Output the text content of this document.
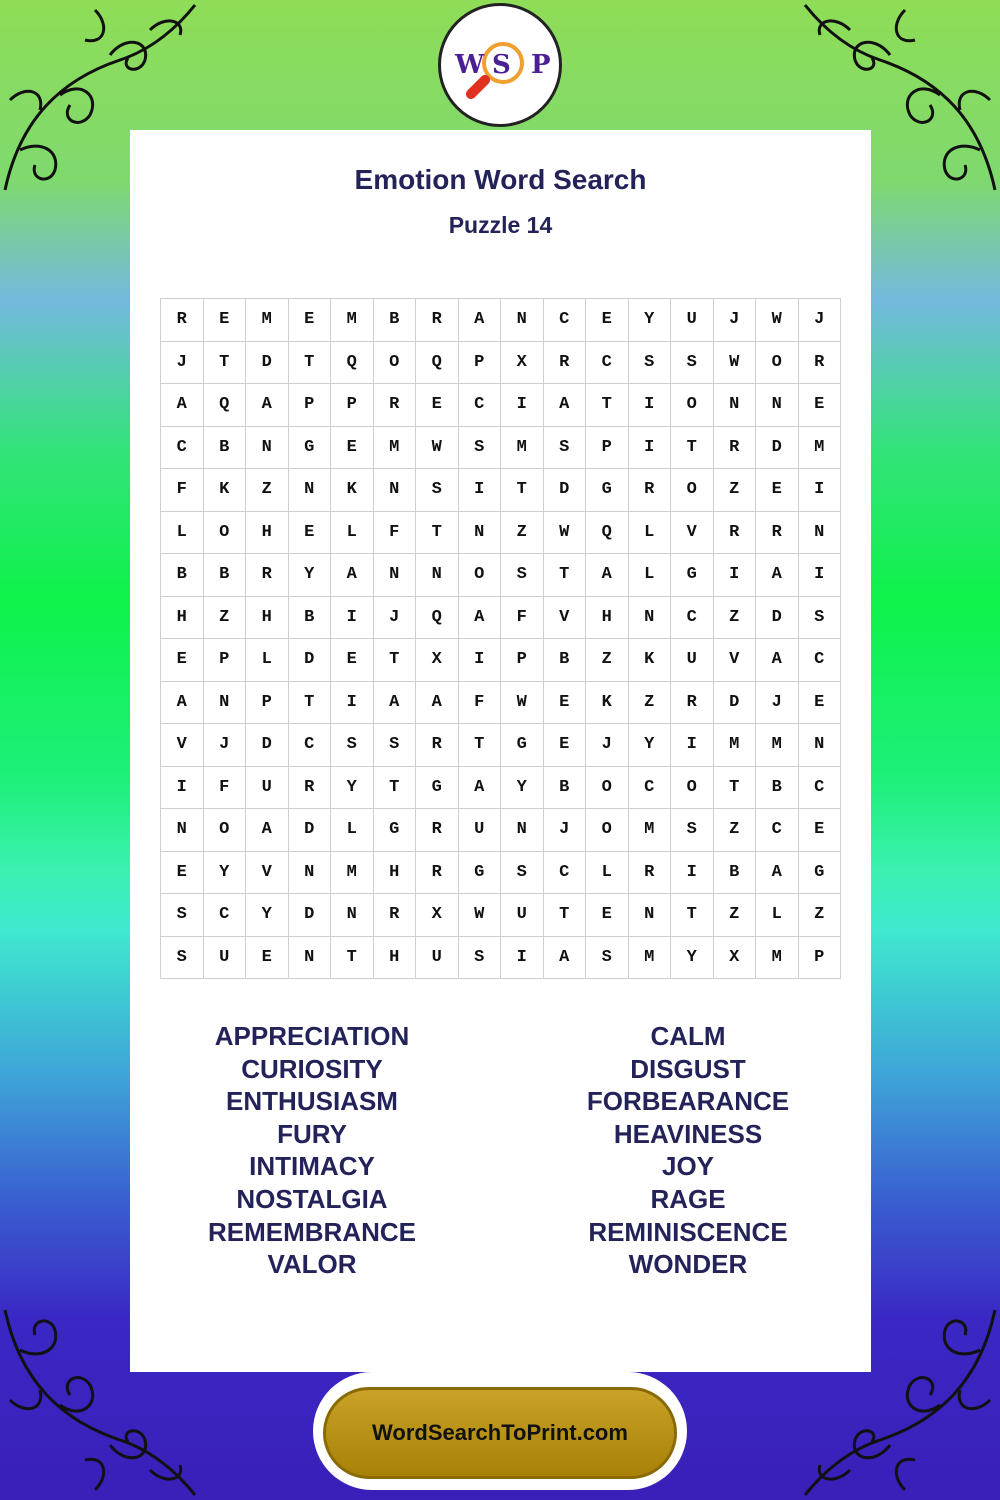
W S P
Emotion Word Search
Puzzle 14
R	E	M	E	M	B	R	A	N	C	E	Y	U	J	W	J
J	T	D	T	Q	O	Q	P	X	R	C	S	S	W	O	R
A	Q	A	P	P	R	E	C	I	A	T	I	O	N	N	E
C	B	N	G	E	M	W	S	M	S	P	I	T	R	D	M
F	K	Z	N	K	N	S	I	T	D	G	R	O	Z	E	I
L	O	H	E	L	F	T	N	Z	W	Q	L	V	R	R	N
B	B	R	Y	A	N	N	O	S	T	A	L	G	I	A	I
H	Z	H	B	I	J	Q	A	F	V	H	N	C	Z	D	S
E	P	L	D	E	T	X	I	P	B	Z	K	U	V	A	C
A	N	P	T	I	A	A	F	W	E	K	Z	R	D	J	E
V	J	D	C	S	S	R	T	G	E	J	Y	I	M	M	N
I	F	U	R	Y	T	G	A	Y	B	O	C	O	T	B	C
N	O	A	D	L	G	R	U	N	J	O	M	S	Z	C	E
E	Y	V	N	M	H	R	G	S	C	L	R	I	B	A	G
S	C	Y	D	N	R	X	W	U	T	E	N	T	Z	L	Z
S	U	E	N	T	H	U	S	I	A	S	M	Y	X	M	P
APPRECIATION
CURIOSITY
ENTHUSIASM
FURY
INTIMACY
NOSTALGIA
REMEMBRANCE
VALOR
CALM
DISGUST
FORBEARANCE
HEAVINESS
JOY
RAGE
REMINISCENCE
WONDER
WordSearchToPrint.com
